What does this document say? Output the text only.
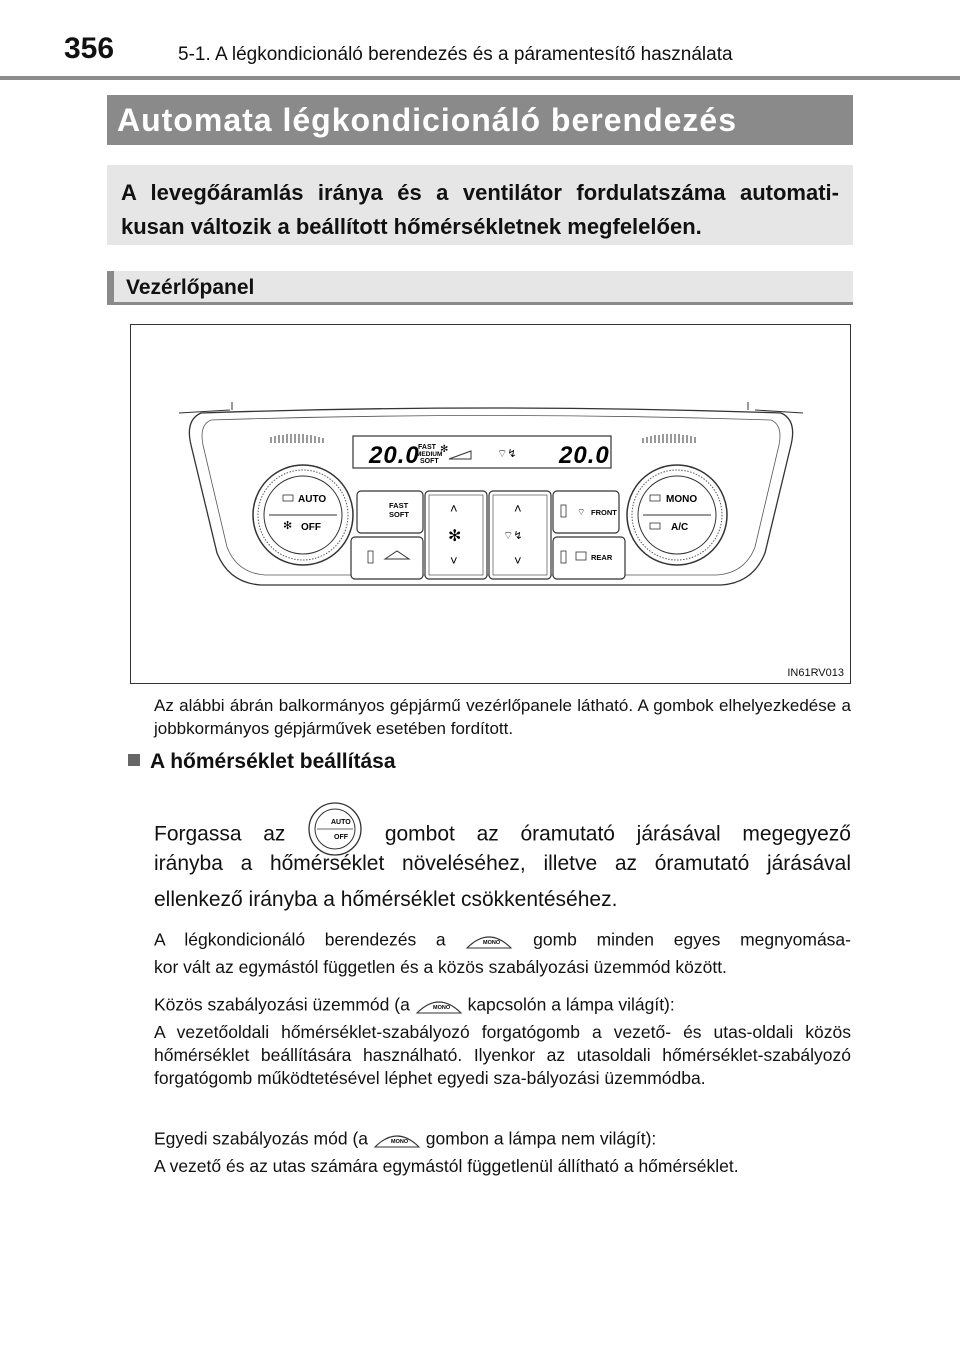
356	5-1. A légkondicionáló berendezés és a páramentesítő használata
Automata légkondicionáló berendezés

A levegőáramlás iránya és a ventilátor fordulatszáma automati-kusan változik a beállított hőmérsékletnek megfelelően.

Vezérlőpanel
20.0
FAST
MEDIUM
SOFT
✻	⌔↯ 20.0
AUTO
✻ OFF
MONO
A/C
FAST
SOFT	˄
✻
˅
˄
⌔↯
˅
FRONT
⌔
REAR
IN61RV013
Az alábbi ábrán balkormányos gépjármű vezérlőpanele látható. A gombok elhelyezkedése a jobbkormányos gépjárművek esetében fordított.
A hőmérséklet beállítása
Forgassa az
AUTO
OFF gombot az óramutató járásával megegyező
irányba a hőmérséklet növeléséhez, illetve az óramutató járásával
ellenkező irányba a hőmérséklet csökkentéséhez.
A légkondicionáló berendezés a	MONO gomb minden egyes megnyomása-
kor vált az egymástól független és a közös szabályozási üzemmód között.
Közös szabályozási üzemmód (a	MONO kapcsolón a lámpa világít):
A vezetőoldali hőmérséklet-szabályozó forgatógomb a vezető- és utas-oldali közös hőmérséklet beállítására használható. Ilyenkor az utasoldali hőmérséklet-szabályozó forgatógomb működtetésével léphet egyedi sza-bályozási üzemmódba.
Egyedi szabályozás mód (a	MONO gombon a lámpa nem világít):
A vezető és az utas számára egymástól függetlenül állítható a hőmérséklet.
